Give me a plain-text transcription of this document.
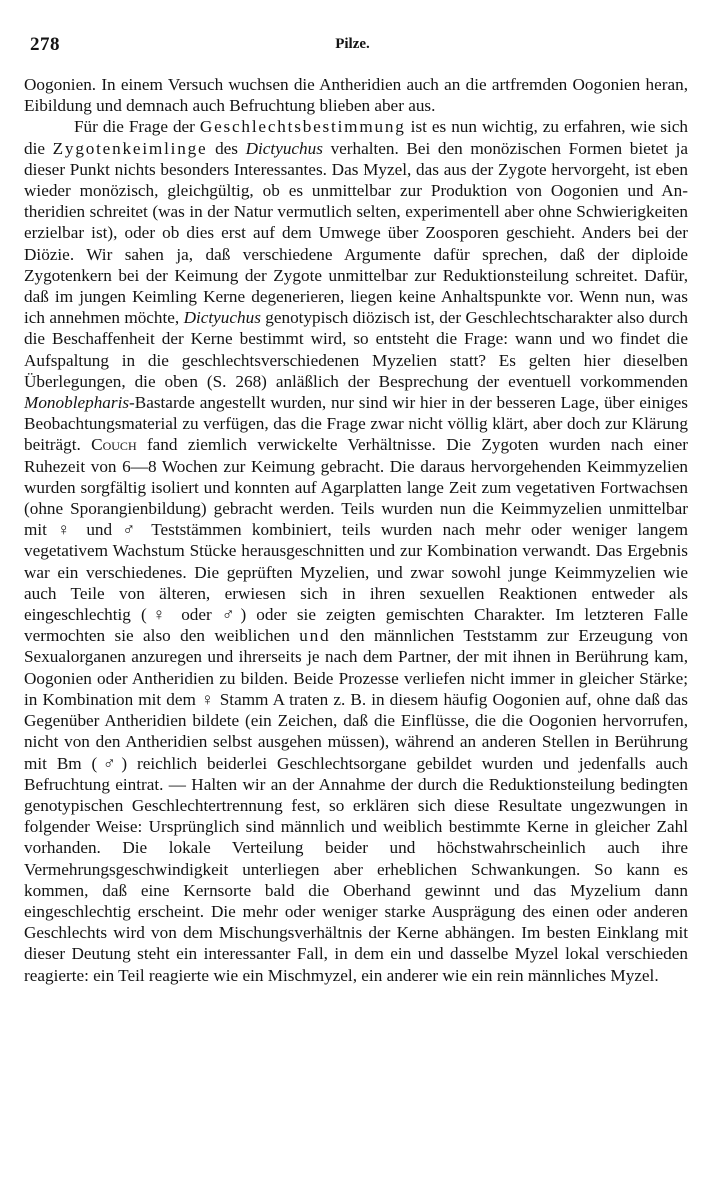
278	Pilze.

Oogonien. In einem Versuch wuchsen die Antheridien auch an die artfremden Oogonien heran, Eibildung und demnach auch Befruchtung blieben aber aus.

Für die Frage der Geschlechtsbestimmung ist es nun wichtig, zu erfahren, wie sich die Zygotenkeimlinge des Dictyuchus verhalten. Bei den monözischen Formen bietet ja dieser Punkt nichts besonders Interessantes. Das Myzel, das aus der Zygote hervorgeht, ist eben wieder monözisch, gleichgültig, ob es unmittelbar zur Produktion von Oogonien und Antheridien schreitet (was in der Natur vermutlich selten, experimentell aber ohne Schwierigkeiten erzielbar ist), oder ob dies erst auf dem Umwege über Zoosporen geschieht. Anders bei der Diözie. Wir sahen ja, daß verschiedene Argumente dafür sprechen, daß der diploide Zygotenkern bei der Keimung der Zygote unmittelbar zur Reduktionsteilung schreitet. Dafür, daß im jungen Keimling Kerne degenerieren, liegen keine Anhaltspunkte vor. Wenn nun, was ich annehmen möchte, Dictyuchus genotypisch diözisch ist, der Geschlechtscharakter also durch die Beschaffenheit der Kerne bestimmt wird, so entsteht die Frage: wann und wo findet die Aufspaltung in die geschlechtsverschiedenen Myzelien statt? Es gelten hier dieselben Überlegungen, die oben (S. 268) anläßlich der Besprechung der eventuell vorkommenden Monoblepharis-Bastarde angestellt wurden, nur sind wir hier in der besseren Lage, über einiges Beobachtungsmaterial zu verfügen, das die Frage zwar nicht völlig klärt, aber doch zur Klärung beiträgt. Couch fand ziemlich verwickelte Verhältnisse. Die Zygoten wurden nach einer Ruhezeit von 6—8 Wochen zur Keimung gebracht. Die daraus hervorgehenden Keimmyzelien wurden sorgfältig isoliert und konnten auf Agarplatten lange Zeit zum vegetativen Fortwachsen (ohne Sporangienbildung) gebracht werden. Teils wurden nun die Keimmyzelien unmittelbar mit ♀ und ♂ Teststämmen kombiniert, teils wurden nach mehr oder weniger langem vegetativem Wachstum Stücke herausgeschnitten und zur Kombination verwandt. Das Ergebnis war ein verschiedenes. Die geprüften Myzelien, und zwar sowohl junge Keimmyzelien wie auch Teile von älteren, erwiesen sich in ihren sexuellen Reaktionen entweder als eingeschlechtig (♀ oder ♂) oder sie zeigten gemischten Charakter. Im letzteren Falle vermochten sie also den weiblichen und den männlichen Teststamm zur Erzeugung von Sexualorganen anzuregen und ihrerseits je nach dem Partner, der mit ihnen in Berührung kam, Oogonien oder Antheridien zu bilden. Beide Prozesse verliefen nicht immer in gleicher Stärke; in Kombination mit dem ♀ Stamm A traten z. B. in diesem häufig Oogonien auf, ohne daß das Gegenüber Antheridien bildete (ein Zeichen, daß die Einflüsse, die die Oogonien hervorrufen, nicht von den Antheridien selbst ausgehen müssen), während an anderen Stellen in Berührung mit Bm (♂) reichlich beiderlei Geschlechtsorgane gebildet wurden und jedenfalls auch Befruchtung eintrat. — Halten wir an der Annahme der durch die Reduktionsteilung bedingten genotypischen Geschlechtertrennung fest, so erklären sich diese Resultate ungezwungen in folgender Weise: Ursprünglich sind männlich und weiblich bestimmte Kerne in gleicher Zahl vorhanden. Die lokale Verteilung beider und höchstwahrscheinlich auch ihre Vermehrungsgeschwindigkeit unterliegen aber erheblichen Schwankungen. So kann es kommen, daß eine Kernsorte bald die Oberhand gewinnt und das Myzelium dann eingeschlechtig erscheint. Die mehr oder weniger starke Ausprägung des einen oder anderen Geschlechts wird von dem Mischungsverhältnis der Kerne abhängen. Im besten Einklang mit dieser Deutung steht ein interessanter Fall, in dem ein und dasselbe Myzel lokal verschieden reagierte: ein Teil reagierte wie ein Mischmyzel, ein anderer wie ein rein männliches Myzel.
